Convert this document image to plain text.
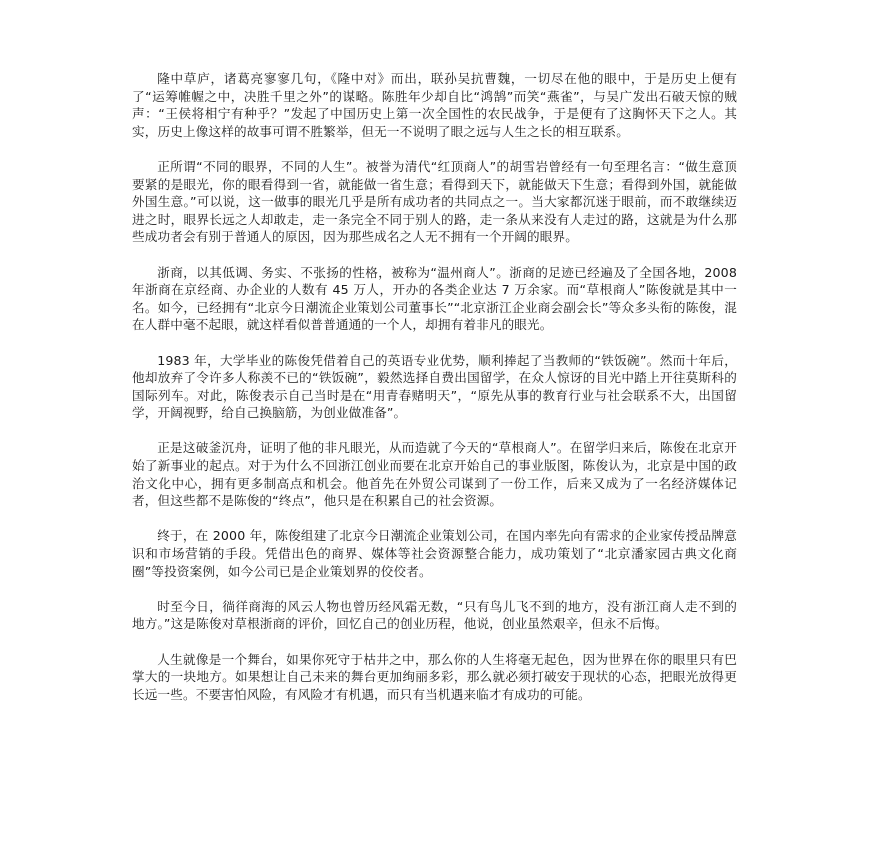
隆中草庐，诸葛亮寥寥几句，《隆中对》而出，联孙吴抗曹魏，一切尽在他的眼中，于是历史上便有了“运筹帷幄之中，决胜千里之外”的谋略。陈胜年少却自比“鸿鹄”而笑“燕雀”，与吴广发出石破天惊的贼声：“王侯将相宁有种乎？”发起了中国历史上第一次全国性的农民战争，于是便有了这胸怀天下之人。其实，历史上像这样的故事可谓不胜繁举，但无一不说明了眼之远与人生之长的相互联系。

正所谓“不同的眼界，不同的人生”。被誉为清代“红顶商人”的胡雪岩曾经有一句至理名言：“做生意顶要紧的是眼光，你的眼看得到一省，就能做一省生意；看得到天下，就能做天下生意；看得到外国，就能做外国生意。”可以说，这一做事的眼光几乎是所有成功者的共同点之一。当大家都沉迷于眼前，而不敢继续迈进之时，眼界长远之人却敢走，走一条完全不同于别人的路，走一条从来没有人走过的路，这就是为什么那些成功者会有别于普通人的原因，因为那些成名之人无不拥有一个开阔的眼界。

浙商，以其低调、务实、不张扬的性格，被称为“温州商人”。浙商的足迹已经遍及了全国各地，2008 年浙商在京经商、办企业的人数有 45 万人，开办的各类企业达 7 万余家。而“草根商人”陈俊就是其中一名。如今，已经拥有“北京今日潮流企业策划公司董事长”“北京浙江企业商会副会长”等众多头衔的陈俊，混在人群中毫不起眼，就这样看似普普通通的一个人，却拥有着非凡的眼光。

1983 年，大学毕业的陈俊凭借着自己的英语专业优势，顺利捧起了当教师的“铁饭碗”。然而十年后，他却放弃了令许多人称羡不已的“铁饭碗”，毅然选择自费出国留学，在众人惊讶的目光中踏上开往莫斯科的国际列车。对此，陈俊表示自己当时是在“用青春赌明天”，“原先从事的教育行业与社会联系不大，出国留学，开阔视野，给自己换脑筋，为创业做准备”。

正是这破釜沉舟，证明了他的非凡眼光，从而造就了今天的“草根商人”。在留学归来后，陈俊在北京开始了新事业的起点。对于为什么不回浙江创业而要在北京开始自己的事业版图，陈俊认为，北京是中国的政治文化中心，拥有更多制高点和机会。他首先在外贸公司谋到了一份工作，后来又成为了一名经济媒体记者，但这些都不是陈俊的“终点”，他只是在积累自己的社会资源。

终于，在 2000 年，陈俊组建了北京今日潮流企业策划公司，在国内率先向有需求的企业家传授品牌意识和市场营销的手段。凭借出色的商界、媒体等社会资源整合能力，成功策划了“北京潘家园古典文化商圈”等投资案例，如今公司已是企业策划界的佼佼者。

时至今日，徜徉商海的风云人物也曾历经风霜无数，“只有鸟儿飞不到的地方，没有浙江商人走不到的地方。”这是陈俊对草根浙商的评价，回忆自己的创业历程，他说，创业虽然艰辛，但永不后悔。

人生就像是一个舞台，如果你死守于枯井之中，那么你的人生将毫无起色，因为世界在你的眼里只有巴掌大的一块地方。如果想让自己未来的舞台更加绚丽多彩，那么就必须打破安于现状的心态，把眼光放得更长远一些。不要害怕风险，有风险才有机遇，而只有当机遇来临才有成功的可能。
